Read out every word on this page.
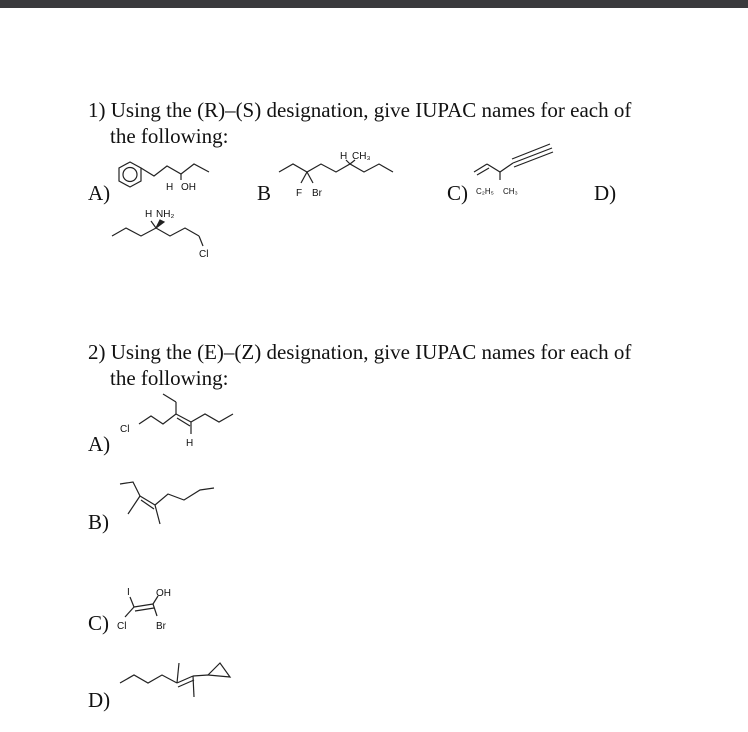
1) Using the (R)–(S) designation, give IUPAC names for each of
the following:
A)	B	C)	D)
H OH
H CH₃
F Br	C₂H₅ CH₃
H NH₂
Cl
2) Using the (E)–(Z) designation, give IUPAC names for each of
the following:
A)
B)
C)
D)
Cl
H
I	OH
Cl	Br
